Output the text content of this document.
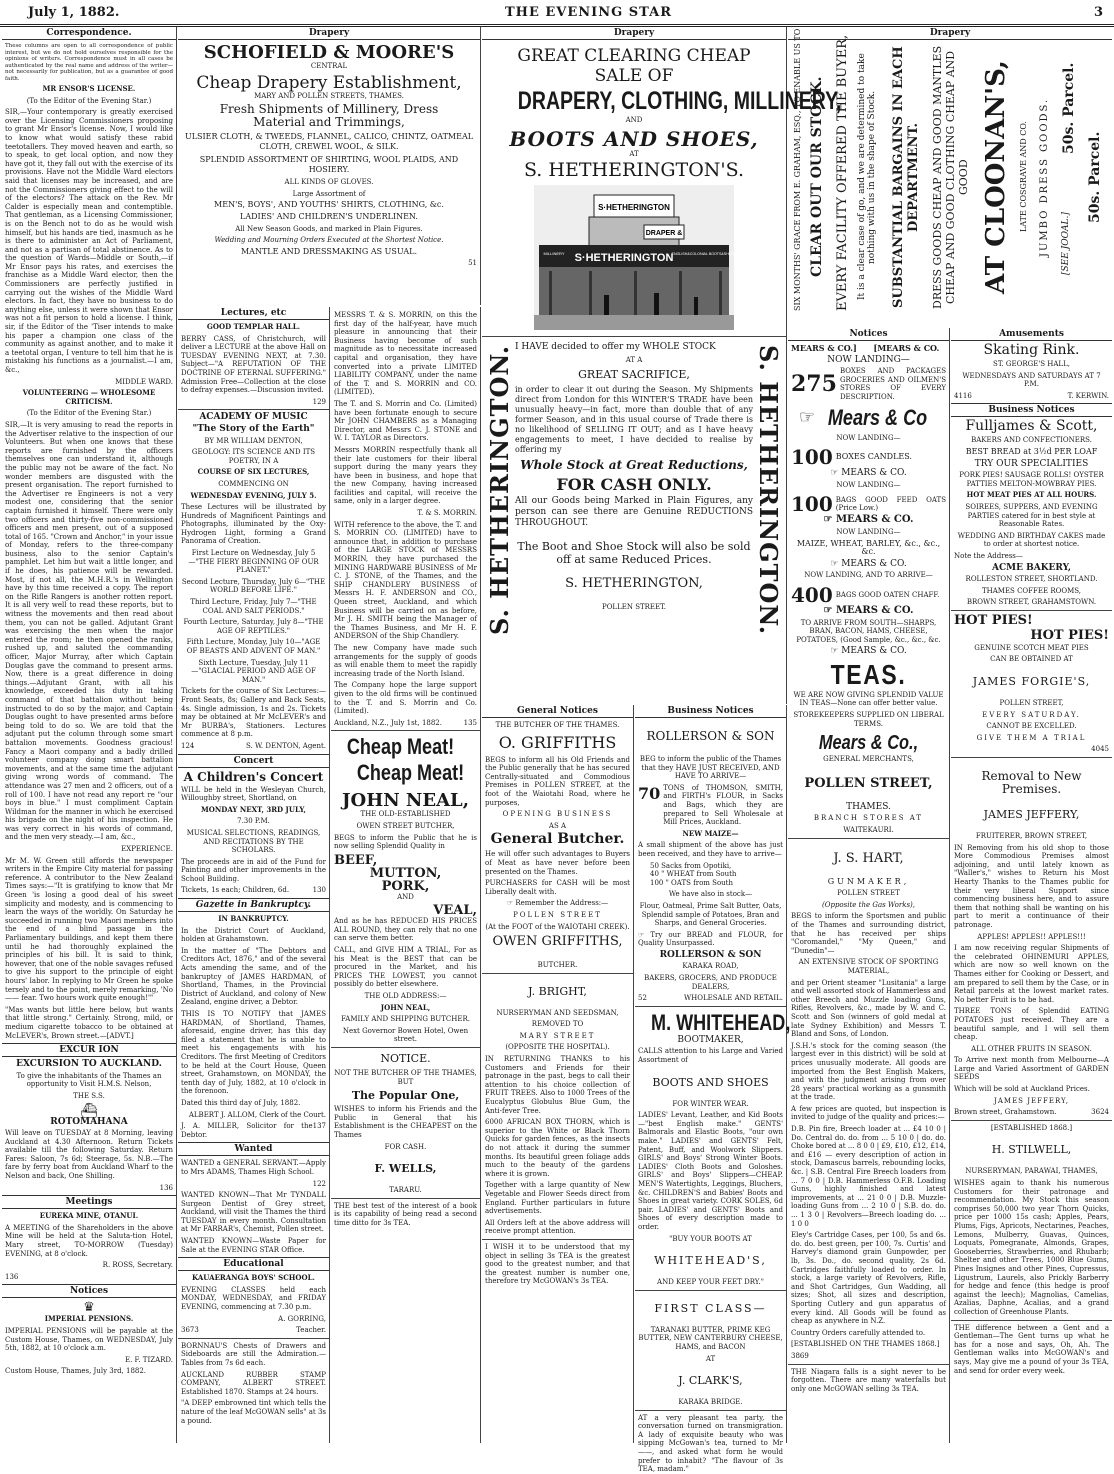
July 1, 1882.	THE EVENING STAR	3
Correspondence.

These columns are open to all correspondence of public interest, but we do not hold ourselves responsible for the opinions of writers. Correspondence must in all cases be authenticated by the real name and address of the writer—not necessarily for publication, but as a guarantee of good faith.

MR ENSOR'S LICENSE.

(To the Editor of the Evening Star.)

SIR,—Your contemporary is greatly exercised over the Licensing Commissioners proposing to grant Mr Ensor's license. Now, I would like to know what would satisfy these rabid teetotallers. They moved heaven and earth, so to speak, to get local option, and now they have got it, they fall out with the exercise of its provisions. Have not the Middle Ward electors said that licenses may be increased, and are not the Commissioners giving effect to the will of the electors? The attack on the Rev. Mr Calder is especially mean and contemptible. That gentleman, as a Licensing Commissioner, is on the Bench not to do as he would wish himself, but his hands are tied, inasmuch as he is there to administer an Act of Parliament, and not as a partisan of total abstinence. As to the question of Wards—Middle or South,—if Mr Ensor pays his rates, and exercises the franchise as a Middle Ward elector, then the Commissioners are perfectly justified in carrying out the wishes of the Middle Ward electors. In fact, they have no business to do anything else, unless it were shown that Ensor was not a fit person to hold a license. I think, sir, if the Editor of the 'Tiser intends to make his paper a champion one class of the community as against another, and to make it a teetotal organ, I venture to tell him that he is mistaking his functions as a journalist.—I am, &c.,

MIDDLE WARD.

VOLUNTEERING — WHOLESOME CRITICISM.

(To the Editor of the Evening Star.)

SIR,—It is very amusing to read the reports in the Advertiser relative to the inspection of our Volunteers. But when one knows that these reports are furnished by the officers themselves one can understand it, although the public may not be aware of the fact. No wonder members are disgusted with the present organisation. The report furnished to the Advertiser re Engineers is not a very modest one, considering that the senior captain furnished it himself. There were only two officers and thirty-five non-commissioned officers and men present, out of a supposed total of 165. "Crown and Anchor," in your issue of Monday, refers to the three-company business, also to the senior Captain's pamphlet. Let him but wait a little longer, and if he does, his patience will be rewarded. Most, if not all, the M.H.R.'s in Wellington have by this time received a copy. The report on the Rifle Rangers is another rotten report. It is all very well to read these reports, but to witness the movements and then read about them, you can not be galled. Adjutant Grant was exercising the men when the major entered the room; he then opened the ranks, rushed up, and saluted the commanding officer, Major Murray, after which Captain Douglas gave the command to present arms. Now, there is a great difference in doing things.—Adjutant Grant, with all his knowledge, exceeded his duty in taking command of that battalion without being instructed to do so by the major, and Captain Douglas ought to have presented arms before being told to do so. We are told that the adjutant put the column through some smart battalion movements. Goodness gracious! Fancy a Maori company and a badly drilled volunteer company doing smart battalion movements, and at the same time the adjutant giving wrong words of command. The attendance was 27 men and 2 officers, out of a roll of 100. I have not read any report re "our boys in blue." I must compliment Captain Wildman for the manner in which he exercised his brigade on the night of his inspection. He was very correct in his words of command, and the men very steady.—I am, &c.,

EXPERIENCE.

Mr M. W. Green still affords the newspaper writers in the Empire City material for passing reference. A contributor to the New Zealand Times says:—"It is gratifying to know that Mr Green 'is losing a good deal of his sweet simplicity and modesty, and is commencing to learn the ways of the worldly. On Saturday he succeeded in running two Maori members into the end of a blind passage in the Parliamentary buildings, and kept them there until he had thoroughly explained the principles of his bill. It is said to think, however, that one of the noble savages refused to give his support to the principle of eight hours' labor. In replying to Mr Green he spoke tersely and to the point, merely remarking, 'No —— fear. Two hours work quite enough!'"

"Mas wants but little here below, but wants that little strong." Certainly. Strong, mild, or medium cigarette tobacco to be obtained at McLEVER's, Brown street.—[ADVT.]

EXCUR ION

EXCURSION TO AUCKLAND.

To give the inhabitants of the Thames an opportunity to Visit H.M.S. Nelson,

THE S.S.

⛴

ROTOMAHANA

Will leave on TUESDAY at 8 Morning, leaving Auckland at 4.30 Afternoon. Return Tickets available till the following Saturday. Return Fares: Saloon, 7s 6d; Steerage, 5s. N.B.—The fare by ferry boat from Auckland Wharf to the Nelson and back, One Shilling.

136

Meetings

EUREKA MINE, OTANUI.

A MEETING of the Shareholders in the above Mine will be held at the Saluta-tion Hotel, Mary street, TO-MORROW (Tuesday) EVENING, at 8 o'clock.

R. ROSS, Secretary.

136

Notices
♛

IMPERIAL PENSIONS.

IMPERIAL PENSIONS will be payable at the Custom House, Thames, on WEDNESDAY, July 5th, 1882, at 10 o'clock a.m.

E. F. TIZARD.

Custom House, Thames, July 3rd, 1882.

Drapery
SCHOFIELD & MOORE'S
CENTRAL
Cheap Drapery Establishment,
MARY AND POLLEN STREETS, THAMES.
Fresh Shipments of Millinery, Dress Material and Trimmings,
ULSIER CLOTH, & TWEEDS, FLANNEL, CALICO, CHINTZ, OATMEAL CLOTH, CREWEL WOOL, & SILK.
SPLENDID ASSORTMENT OF SHIRTING, WOOL PLAIDS, AND HOSIERY.
ALL KINDS OF GLOVES.
Large Assortment of
MEN'S, BOYS', AND YOUTHS' SHIRTS, CLOTHING, &c.
LADIES' AND CHILDREN'S UNDERLINEN.
All New Season Goods, and marked in Plain Figures.
Wedding and Mourning Orders Executed at the Shortest Notice.
MANTLE AND DRESSMAKING AS USUAL.
51
Lectures, etc

GOOD TEMPLAR HALL.

BERRY CASS, of Christchurch, will deliver a LECTURE at the above Hall on TUESDAY EVENING NEXT, at 7.30. Subject—"A REFUTATION OF THE DOCTRINE OF ETERNAL SUFFERING." Admission Free—Collection at the close to defray expenses.—Discussion invited.

129

ACADEMY OF MUSIC

"The Story of the Earth"

BY MR WILLIAM DENTON,

GEOLOGY: ITS SCIENCE AND ITS POETRY, IN A

COURSE OF SIX LECTURES,

COMMENCING ON

WEDNESDAY EVENING, JULY 5.

These Lectures will be illustrated by Hundreds of Magnificent Paintings and Photographs, illuminated by the Oxy-Hydrogen Light, forming a Grand Panorama of Creation.

First Lecture on Wednesday, July 5—"THE FIERY BEGINNING OF OUR PLANET."

Second Lecture, Thursday, July 6—"THE WORLD BEFORE LIFE."

Third Lecture, Friday, July 7—"THE COAL AND SALT PERIODS."

Fourth Lecture, Saturday, July 8—"THE AGE OF REPTILES."

Fifth Lecture, Monday, July 10—"AGE OF BEASTS AND ADVENT OF MAN."

Sixth Lecture, Tuesday, July 11—"GLACIAL PERIOD AND AGE OF MAN."

Tickets for the course of Six Lectures:—Front Seats, 8s; Gallery and Back Seats, 4s. Single admission, 1s and 2s. Tickets may be obtained at Mr McLEVER's and Mr BURBA's, Stationers. Lectures commence at 8 p.m.

124	S. W. DENTON, Agent.

Concert

A Children's Concert

WILL be held in the Wesleyan Church, Willoughby street, Shortland, on

MONDAY NEXT, 3RD JULY,

7.30 P.M.

MUSICAL SELECTIONS, READINGS, AND RECITATIONS BY THE SCHOLARS.

The proceeds are in aid of the Fund for Painting and other improvements in the School Building.

Tickets, 1s each; Children, 6d.	130

Gazette in Bankruptcy.

IN BANKRUPTCY.

In the District Court of Auckland, holden at Grahamstown.

In the matter of "The Debtors and Creditors Act, 1876," and of the several Acts amending the same, and of the bankruptcy of JAMES HARDMAN, of Shortland, Thames, in the Provincial District of Auckland, and colony of New Zealand, engine driver, a Debtor.

THIS IS TO NOTIFY that JAMES HARDMAN, of Shortland, Thames, aforesaid, engine driver, has this day filed a statement that he is unable to meet his engagements with his Creditors. The first Meeting of Creditors to be held at the Court House, Queen street, Grahamstown, on MONDAY, the tenth day of July, 1882, at 10 o'clock in the forenoon.

Dated this third day of July, 1882.

ALBERT J. ALLOM, Clerk of the Court.

J. A. MILLER, Solicitor for the Debtor.
137

Wanted

WANTED a GENERAL SERVANT.—Apply to Mrs ADAMS, Thames High School.

122

WANTED KNOWN—That Mr TYNDALL Surgeon Dentist of Grey street, Auckland, will visit the Thames the third TUESDAY in every month. Consultation at Mr FARRAR's, Chemist, Pollen street.

WANTED KNOWN—Waste Paper for Sale at the EVENING STAR Office.

Educational

KAUAERANGA BOYS' SCHOOL.

EVENING CLASSES held each MONDAY, WEDNESDAY, and FRIDAY EVENING, commencing at 7.30 p.m.

A. GORRING,

3673	Teacher.

BORNNAU'S Chests of Drawers and Sideboards are still the Admiration.—Tables from 7s 6d each.

AUCKLAND RUBBER STAMP COMPANY, ALBERT STREET. Established 1870. Stamps at 24 hours.

"A DEEP embrowned tint which tells the nature of the leaf McGOWAN sells" at 3s a pound.

MESSRS T. & S. MORRIN, on this the first day of the half-year, have much pleasure in announcing that their Business having become of such magnitude as to necessitate increased capital and organisation, they have converted into a private LIMITED LIABILITY COMPANY, under the name of the T. and S. MORRIN and CO. (LIMITED).

The T. and S. Morrin and Co. (Limited) have been fortunate enough to secure Mr JOHN CHAMBERS as a Managing Director, and Messrs C. J. STONE and W. I. TAYLOR as Directors.

Messrs MORRIN respectfully thank all their late customers for their liberal support during the many years they have been in business, and hope that the new Company, having increased facilities and capital, will receive the same, only in a larger degree.

T. & S. MORRIN.

WITH reference to the above, the T. and S. MORRIN CO. (LIMITED) have to announce that, in addition to purchase of the LARGE STOCK of MESSRS MORRIN, they have purchased the MINING HARDWARE BUSINESS of Mr C. J. STONE, of the Thames, and the SHIP CHANDLERY BUSINESS of Messrs H. F. ANDERSON and CO., Queen street, Auckland, and which Business will be carried on as before, Mr J. H. SMITH being the Manager of the Thames Business, and Mr H. F. ANDERSON of the Ship Chandlery.

The new Company have made such arrangements for the supply of goods as will enable them to meet the rapidly increasing trade of the North Island.

The Company hope the large support given to the old firms will be continued to the T. and S. Morrin and Co. (Limited).

Auckland, N.Z., July 1st, 1882.	135

Cheap Meat!
Cheap Meat!
JOHN NEAL,

THE OLD-ESTABLISHED

OWEN STREET BUTCHER,

BEGS to inform the Public that he is now selling Splendid Quality in

BEEF,
MUTTON,
PORK,

AND

VEAL,

And as he has REDUCED HIS PRICES ALL ROUND, they can rely that no one can serve them better.

CALL, and GIVE HIM A TRIAL, For as his Meat is the BEST that can be procured in the Market, and his PRICES THE LOWEST, you cannot possibly do better elsewhere.

THE OLD ADDRESS:—

JOHN NEAL,

FAMILY AND SHIPPING BUTCHER.

Next Governor Bowen Hotel, Owen street.

NOTICE.

NOT THE BUTCHER OF THE THAMES, BUT

The Popular One,

WISHES to inform his Friends and the Public in General that his Establishment is the CHEAPEST on the Thames

FOR CASH.

F. WELLS,

TARARU.

THE best test of the interest of a book is its capability of being read a second time ditto for 3s TEA.

Drapery
GREAT CLEARING CHEAP SALE OF
DRAPERY, CLOTHING, MILLINERY,
AND
BOOTS AND SHOES,
AT
S. HETHERINGTON'S.
S·HETHERINGTON
DRAPER &
S·HETHERINGTON
ENGLISH&COLONIAL BOOTS&SHOES
MILLINERY
S. HETHERINGTON.	S. HETHERINGTON.

I HAVE decided to offer my WHOLE STOCK

AT A

GREAT SACRIFICE,

in order to clear it out during the Season. My Shipments direct from London for this WINTER'S TRADE have been unusually heavy—in fact, more than double that of any former Season, and in this usual course of Trade there is no likelihood of SELLING IT OUT; and as I have heavy engagements to meet, I have decided to realise by offering my

Whole Stock at Great Reductions,

FOR CASH ONLY.

All our Goods being Marked in Plain Figures, any person can see there are Genuine REDUCTIONS THROUGHOUT.

The Boot and Shoe Stock will also be sold off at same Reduced Prices.

S. HETHERINGTON,

POLLEN STREET.

General Notices

THE BUTCHER OF THE THAMES.

O. GRIFFITHS

BEGS to inform all his Old Friends and the Public generally that he has secured Centrally-situated and Commodious Premises in POLLEN STREET, at the foot of the Waiotahi Road, where he purposes,

OPENING BUSINESS

AS A

General Butcher.

He will offer such advantages to Buyers of Meat as have never before been presented on the Thames.

PURCHASERS for CASH will be most Liberally dealt with.

☞ Remember the Address:—

POLLEN STREET

(At the FOOT of the WAIOTAHI CREEK).

OWEN GRIFFITHS,

BUTCHER.

J. BRIGHT,

NURSERYMAN AND SEEDSMAN,

REMOVED TO

MARY STREET

(OPPOSITE THE HOSPITAL).

IN RETURNING THANKS to his Customers and Friends for their patronage in the past, begs to call their attention to his choice collection of FRUIT TREES. Also to 1000 Trees of the Eucalyptus Globulus Blue Gum, the Anti-fever Tree.

6000 AFRICAN BOX THORN, which is superior to the White or Black Thorn Quicks for garden fences, as the insects do not attack it during the summer months. Its beautiful green foliage adds much to the beauty of the gardens where it is grown.

Together with a large quantity of New Vegetable and Flower Seeds direct from England. Further particulars in future advertisements.

All Orders left at the above address will receive prompt attention.

I WISH it to be understood that my object in selling 3s TEA is the greatest good to the greatest number, and that the greatest number is number one, therefore try McGOWAN's 3s TEA.

Business Notices

ROLLERSON & SON

BEG to inform the public of the Thames that they HAVE JUST RECEIVED, AND HAVE TO ARRIVE—

70 TONS of THOMSON, SMITH, and FIRTH's FLOUR, in Sacks and Bags, which they are prepared to Sell Wholesale at Mill Prices, Auckland.

NEW MAIZE—

A small shipment of the above has just been received, and they have to arrive—

50 Sacks from Opotiki,

40 " WHEAT from South

100 " OATS from South

We have also in stock—

Flour, Oatmeal, Prime Salt Butter, Oats, Splendid sample of Potatoes, Bran and Sharps, and General Groceries.

☞ Try our BREAD and FLOUR, for Quality Unsurpassed.

ROLLERSON & SON

KARAKA ROAD,

BAKERS, GROCERS, AND PRODUCE DEALERS,

52	WHOLESALE AND RETAIL.

M. WHITEHEAD,

BOOTMAKER,

CALLS attention to his Large and Varied Assortment of

BOOTS AND SHOES

FOR WINTER WEAR.

LADIES' Levant, Leather, and Kid Boots—"best English make." GENTS' Balmorals and Elastic Boots, "our own make." LADIES' and GENTS' Felt, Patent, Buff, and Woolwork Slippers. GIRLS' and Boys' Strong Winter Boots. LADIES' Cloth Boots and Goloshes. GIRLS' and Boys' Slippers—CHEAP. MEN'S Watertights, Leggings, Bluchers, &c. CHILDREN'S and Babies' Boots and Shoes in great variety. CORK SOLES, 6d pair. LADIES' and GENTS' Boots and Shoes of every description made to order.

"BUY YOUR BOOTS AT

WHITEHEAD'S,

AND KEEP YOUR FEET DRY."

FIRST CLASS—

TARANAKI BUTTER, PRIME KEG BUTTER, NEW CANTERBURY CHEESE, HAMS, and BACON

AT

J. CLARK'S,

KARAKA BRIDGE.

AT a very pleasant tea party, the conversation turned on transmigration. A lady of exquisite beauty who was sipping McGowan's tea, turned to Mr ——, and asked what form he would prefer to inhabit? "The flavour of 3s TEA, madam."

Drapery
SIX MONTHS' GRACE FROM E. GRAHAM, ESQ., TO ENABLE US TO CLEAR OUT OUR STOCK. EVERY FACILITY OFFERED THE BUYER, It is a clear case of go, and we are determined to take nothing with us in the shape of Stock.	SUBSTANTIAL BARGAINS IN EACH DEPARTMENT. DRESS GOODS CHEAP AND GOOD MANTLES CHEAP AND GOOD CLOTHING CHEAP AND GOOD AT CLOONAN'S,	LATE COSGRAVE AND CO.	JUMBO DRESS GOODS. 50s. Parcel.
[SEE JOOAL.]
50s. Parcel.
Notices

MEARS & CO.]      [MEARS & CO.

NOW LANDING—

275
BOXES AND PACKAGES GROCERIES AND OILMEN'S STORES OF EVERY DESCRIPTION.
☞ Mears & Co

NOW LANDING—

100 BOXES CANDLES.

☞ MEARS & CO.

NOW LANDING—

100 BAGS GOOD FEED OATS (Price Low.)

☞ MEARS & CO.

NOW LANDING—

MAIZE, WHEAT, BARLEY, &c., &c., &c.

☞ MEARS & CO.

NOW LANDING, AND TO ARRIVE—

400 BAGS GOOD OATEN CHAFF.

☞ MEARS & CO.

TO ARRIVE FROM SOUTH—SHARPS, BRAN, BACON, HAMS, CHEESE, POTATOES, (Good Sample, &c., &c., &c.

☞ MEARS & CO.

TEAS.

WE ARE NOW GIVING SPLENDID VALUE IN TEAS—None can offer better value.

STOREKEEPERS SUPPLIED ON LIBERAL TERMS.

Mears & Co.,

GENERAL MERCHANTS,

POLLEN STREET,

THAMES.

BRANCH STORES AT

WAITEKAURI.

J. S. HART,

GUNMAKER,

POLLEN STREET

(Opposite the Gas Works),

BEGS to inform the Sportsmen and public of the Thames and surrounding district, that he has received per ships "Coromandel," "My Queen," and "Dunedin"—

AN EXTENSIVE STOCK OF SPORTING MATERIAL,

and per Orient steamer "Lusitania" a large and well assorted stock of Hammerless and other Breech and Muzzle loading Guns, Rifles, Revolvers, &c., made by W. and C. Scott and Son (winners of gold medal at late Sydney Exhibition) and Messrs T. Bland and Sons, of London.

J.S.H.'s stock for the coming season (the largest ever in this district) will be sold at prices unusually moderate. All goods are imported from the Best English Makers, and with the judgment arising from over 28 years' practical working as a gunsmith at the trade.

A few prices are quoted, but inspection is invited to judge of the quality and prices:—

D.B. Pin fire, Breech loader at ... £4 10 0 | Do. Central do. do. from ... 5 10 0 | do. do. Choke bored at ... 8 0 0 | £9, £10, £12, £14, and £16 — every description of action in stock, Damascus barrels, rebounding locks, &c. | S.B. Central Fire Breech loaders from ... 7 0 0 | D.B. Hammerless O.F.B. Loading Guns, highly finished and latest improvements, at ... 21 0 0 | D.B. Muzzle-loading Guns from ... 2 10 0 | S.B. do. do. ... 1 3 0 | Revolvers—Breech loading do. ... 1 0 0

Eley's Cartridge Cases, per 100, 5s and 6s. do. do. best green, per 100, 7s. Curtis' and Harvey's diamond grain Gunpowder, per lb, 3s. Do., do. second quality, 2s 6d. Cartridges faithfully loaded to order. In stock, a large variety of Revolvers, Rifle, and Shot Cartridges, Gun Wadding, all sizes; Shot, all sizes and description, Sporting Cutlery and gun apparatus of every kind. All Goods will be found as cheap as anywhere in N.Z.

Country Orders carefully attended to.

[ESTABLISHED ON THE THAMES 1868.]

3869

THE Niagara falls is a sight never to be forgotten. There are many waterfalls but only one McGOWAN selling 3s TEA.

Amusements

Skating Rink.

ST. GEORGE'S HALL,

WEDNESDAYS AND SATURDAYS AT 7 P.M.

4116	T. KERWIN.

Business Notices

Fulljames & Scott,

BAKERS AND CONFECTIONERS.

BEST BREAD at 3½d PER LOAF

TRY OUR SPECIALITIES

PORK PIES! SAUSAGE ROLLS! OYSTER PATTIES MELTON-MOWBRAY PIES.

HOT MEAT PIES AT ALL HOURS.

SOIREES, SUPPERS, AND EVENING PARTIES catered for in best style at Reasonable Rates.

WEDDING AND BIRTHDAY CAKES made to order at shortest notice.

Note the Address—

ACME BAKERY,

ROLLESTON STREET, SHORTLAND.

THAMES COFFEE ROOMS,

BROWN STREET, GRAHAMSTOWN.

HOT PIES!

HOT PIES!

GENUINE SCOTCH MEAT PIES

CAN BE OBTAINED AT

JAMES FORGIE'S,

POLLEN STREET,

EVERY SATURDAY.

CANNOT BE EXCELLED.

GIVE THEM A TRIAL

4045

Removal to New Premises.

JAMES JEFFERY,

FRUITERER, BROWN STREET,

IN Removing from his old shop to those More Commodious Premises almost adjoining, and until lately known as "Waller's," wishes to Return his Most Hearty Thanks to the Thames public for their very liberal Support since commencing business here, and to assure them that nothing shall be wanting on his part to merit a continuance of their patronage.

APPLES! APPLES!! APPLES!!!

I am now receiving regular Shipments of the celebrated OHINEMURI APPLES, which are now so well known on the Thames either for Cooking or Dessert, and am prepared to sell them by the Case, or in Retail parcels at the lowest market rates. No better Fruit is to be had.

THREE TONS of Splendid EATING POTATOES just received. They are a beautiful sample, and I will sell them cheap.

ALL OTHER FRUITS IN SEASON.

To Arrive next month from Melbourne—A Large and Varied Assortment of GARDEN SEEDS

Which will be sold at Auckland Prices.

JAMES JEFFERY,

Brown street, Grahamstown.	3624

[ESTABLISHED 1868.]

H. STILWELL,

NURSERYMAN, PARAWAI, THAMES,

WISHES again to thank his numerous Customers for their patronage and recommendation. My Stock this season comprises 50,000 two year Thorn Quicks, price per 1000 15s cash; Apples, Pears, Plums, Figs, Apricots, Nectarines, Peaches, Lemons, Mulberry, Guavas, Quinces, Loquats, Pomegranate, Almonds, Grapes, Gooseberries, Strawberries, and Rhubarb; Shelter and other Trees, 1000 Blue Gums, Pines Insignes and other Pines, Cupressus, Ligustrum, Laurels, also Prickly Barberry for hedge and fence (this hedge is proof against the leech); Magnolias, Camelias, Azalias, Daphne, Acalias, and a grand collection of Greenhouse Plants.

THE difference between a Gent and a Gentleman—The Gent turns up what he has for a nose and says, Oh, Ah. The Gentleman walks into McGOWAN's and says, May give me a pound of your 3s TEA, and send for order every week.
